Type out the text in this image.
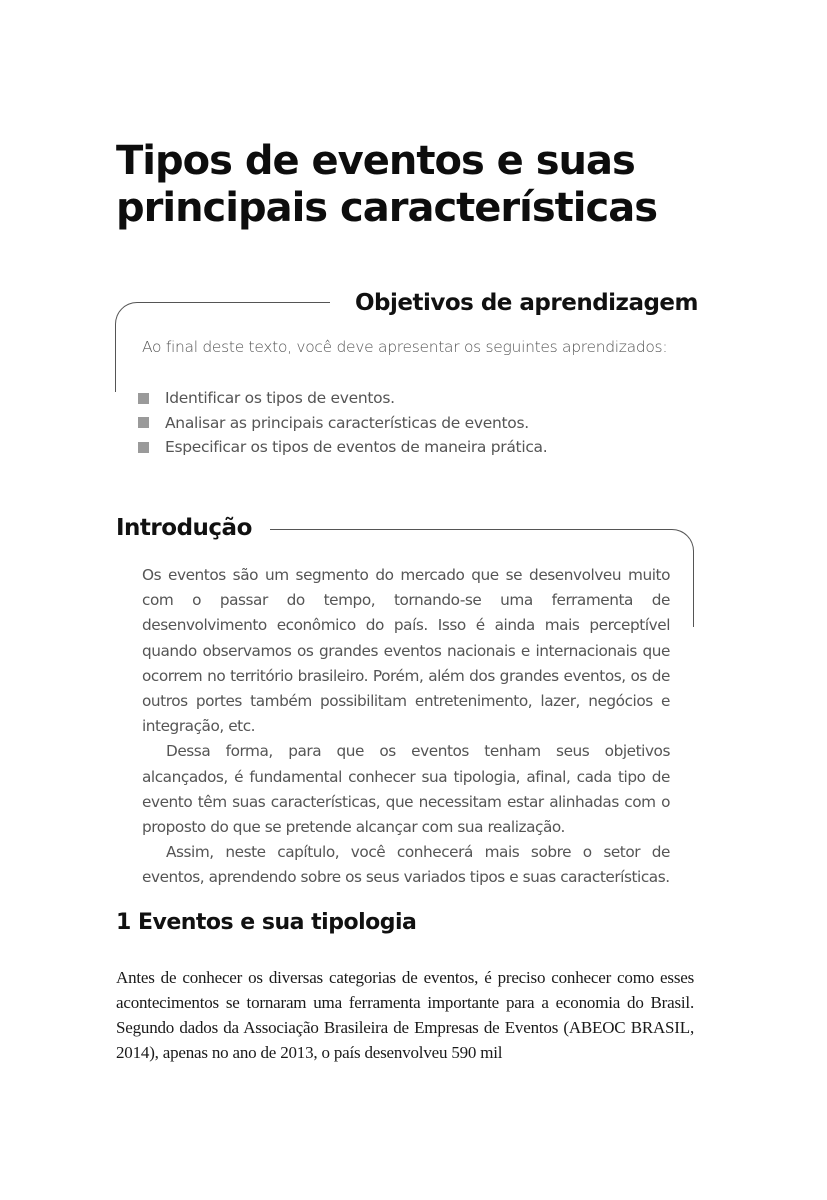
Tipos de eventos e suas principais características
Objetivos de aprendizagem
Ao final deste texto, você deve apresentar os seguintes aprendizados:
Identificar os tipos de eventos.
Analisar as principais características de eventos.
Especificar os tipos de eventos de maneira prática.
Introdução

Os eventos são um segmento do mercado que se desenvolveu muito com o passar do tempo, tornando-se uma ferramenta de desenvolvimento econômico do país. Isso é ainda mais perceptível quando observamos os grandes eventos nacionais e internacionais que ocorrem no território brasileiro. Porém, além dos grandes eventos, os de outros portes também possibilitam entretenimento, lazer, negócios e integração, etc.

Dessa forma, para que os eventos tenham seus objetivos alcançados, é fundamental conhecer sua tipologia, afinal, cada tipo de evento têm suas características, que necessitam estar alinhadas com o proposto do que se pretende alcançar com sua realização.

Assim, neste capítulo, você conhecerá mais sobre o setor de eventos, aprendendo sobre os seus variados tipos e suas características.

1 Eventos e sua tipologia

Antes de conhecer os diversas categorias de eventos, é preciso conhecer como esses acontecimentos se tornaram uma ferramenta importante para a economia do Brasil. Segundo dados da Associação Brasileira de Empresas de Eventos (ABEOC BRASIL, 2014), apenas no ano de 2013, o país desenvolveu 590 mil
